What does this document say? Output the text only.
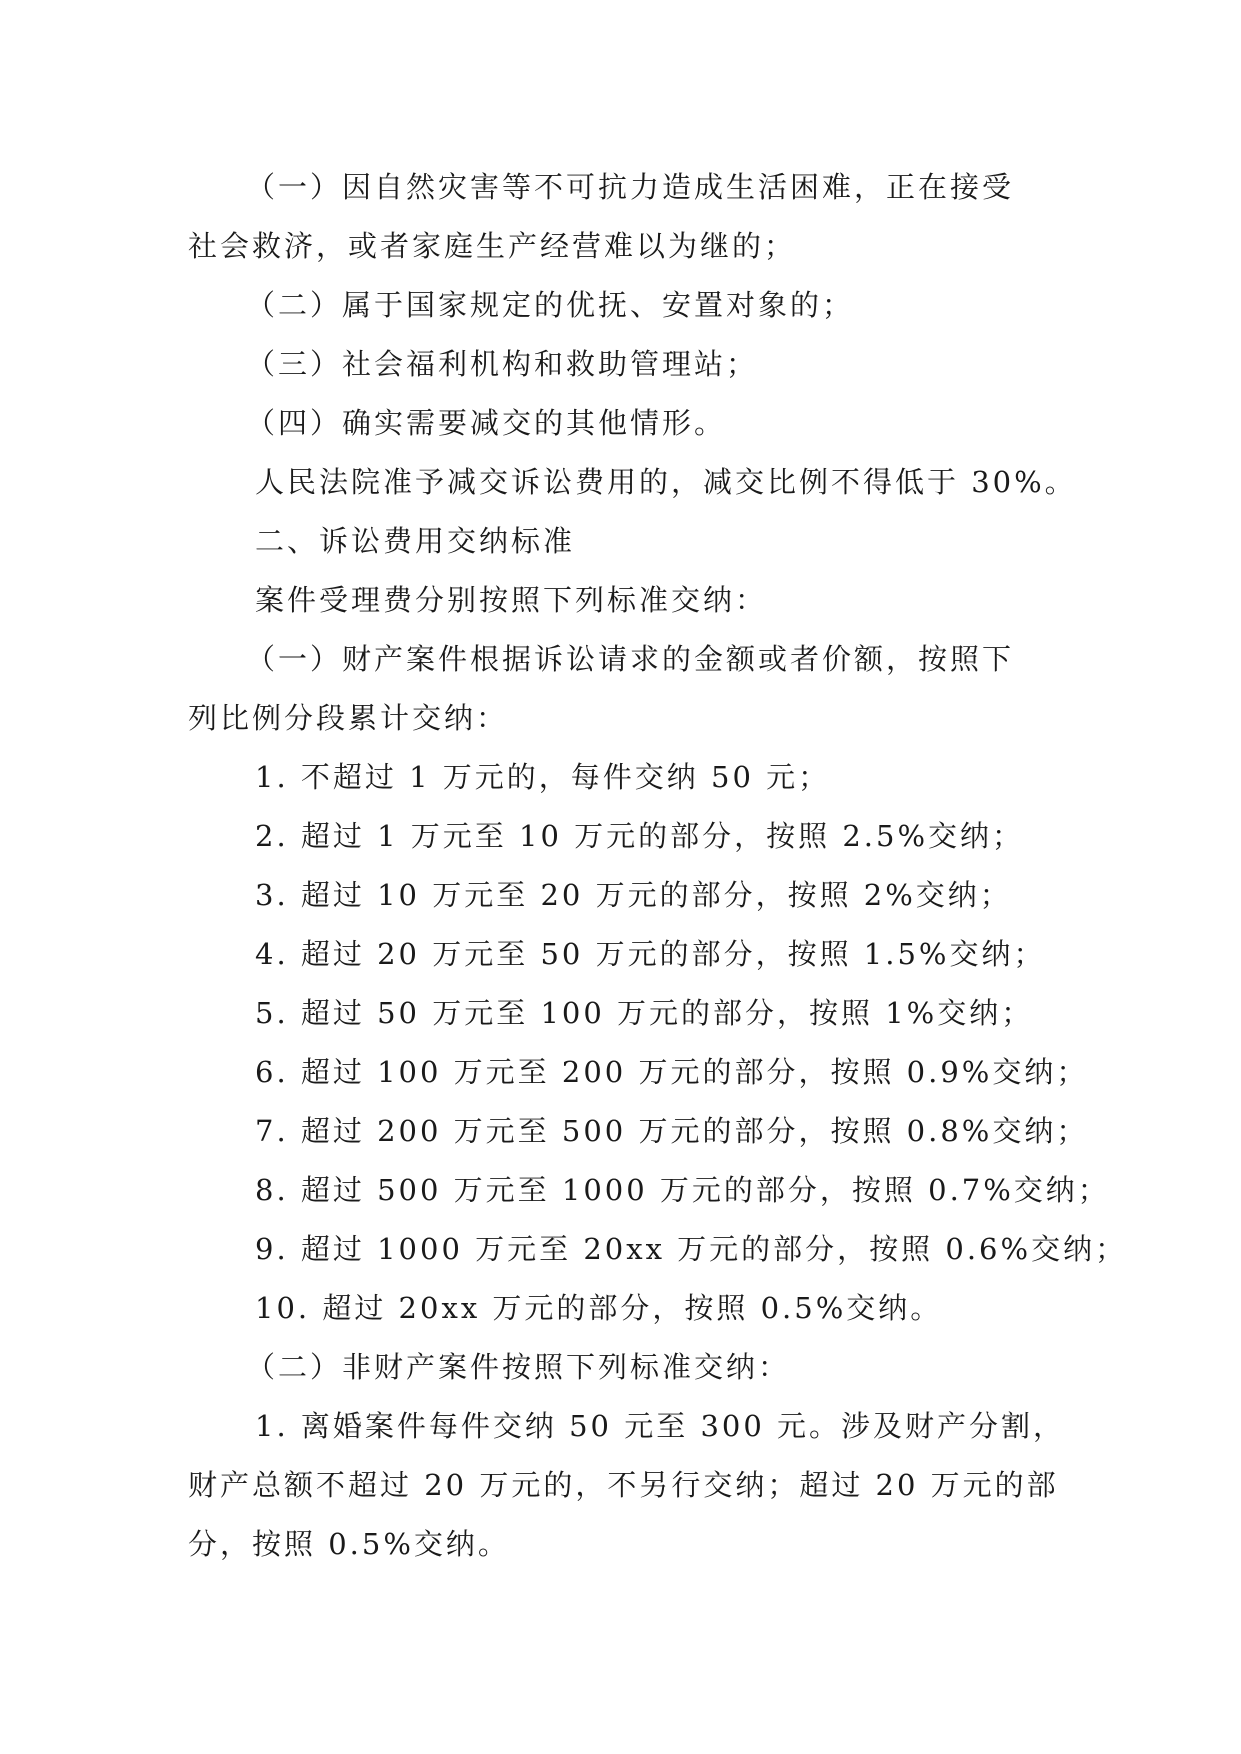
（一）因自然灾害等不可抗力造成生活困难，正在接受
社会救济，或者家庭生产经营难以为继的；
（二）属于国家规定的优抚、安置对象的；
（三）社会福利机构和救助管理站；
（四）确实需要减交的其他情形。
人民法院准予减交诉讼费用的，减交比例不得低于 30%。
二、诉讼费用交纳标准
案件受理费分别按照下列标准交纳：
（一）财产案件根据诉讼请求的金额或者价额，按照下
列比例分段累计交纳：
1. 不超过 1 万元的，每件交纳 50 元；
2. 超过 1 万元至 10 万元的部分，按照 2.5%交纳；
3. 超过 10 万元至 20 万元的部分，按照 2%交纳；
4. 超过 20 万元至 50 万元的部分，按照 1.5%交纳；
5. 超过 50 万元至 100 万元的部分，按照 1%交纳；
6. 超过 100 万元至 200 万元的部分，按照 0.9%交纳；
7. 超过 200 万元至 500 万元的部分，按照 0.8%交纳；
8. 超过 500 万元至 1000 万元的部分，按照 0.7%交纳；
9. 超过 1000 万元至 20xx 万元的部分，按照 0.6%交纳；
10. 超过 20xx 万元的部分，按照 0.5%交纳。
（二）非财产案件按照下列标准交纳：
1. 离婚案件每件交纳 50 元至 300 元。涉及财产分割，
财产总额不超过 20 万元的，不另行交纳；超过 20 万元的部
分，按照 0.5%交纳。
